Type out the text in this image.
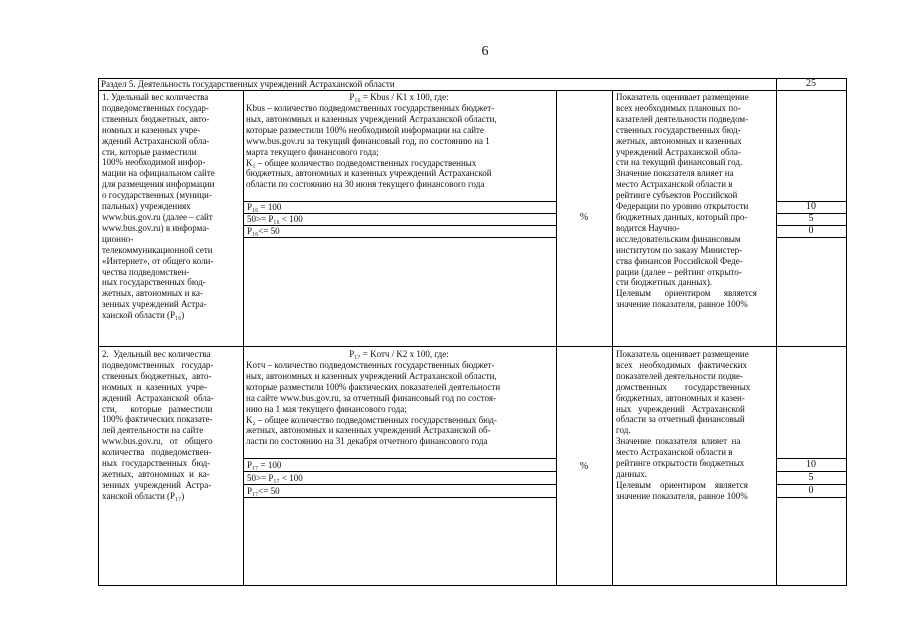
6
Раздел 5. Деятельность государственных учреждений Астраханской области	25
1. Удельный вес количества
подведомственных государ-
ственных бюджетных, авто-
номных и казенных учре-
ждений Астраханской обла-
сти, которые разместили
100% необходимой инфор-
мации на официальном сайте
для размещения информации
о государственных (муници-
пальных) учреждениях
www.bus.gov.ru (далее – сайт
www.bus.gov.ru) в информа-
ционно-
телекоммуникационной сети
«Интернет», от общего коли-
чества подведомствен-
ных государственных бюд-
жетных, автономных и ка-
зенных учреждений Астра-
ханской области (P₁₆)
P₁₆ = Kbus / K1 x 100, где:
Kbus – количество подведомственных государственных бюджет-
ных, автономных и казенных учреждений Астраханской области,
которые разместили 100% необходимой информации на сайте
www.bus.gov.ru за текущий финансовый год, по состоянию на 1
марта текущего финансового года;
K₁ – общее количество подведомственных государственных
бюджетных, автономных и казенных учреждений Астраханской
области по состоянию на 30 июня текущего финансового года
P₁₆ = 100
50>= P₁₆ < 100
P₁₆<= 50
%
Показатель оценивает размещение
всех необходимых плановых по-
казателей деятельности подведом-
ственных государственных бюд-
жетных, автономных и казенных
учреждений Астраханской обла-
сти на текущий финансовый год.
Значение показателя влияет на
место Астраханской области в
рейтинге субъектов Российской
Федерации по уровню открытости
бюджетных данных, который про-
водится Научно-
исследовательским финансовым
институтом по заказу Министер-
ства финансов Российской Феде-
рации (далее – рейтинг открыто-
сти бюджетных данных).
Целевым      ориентиром      является
значение показателя, равное 100%
10
5
0
2.  Удельный вес количества
подведомственных   государ-
ственных бюджетных,  авто-
номных  и  казенных  учре-
ждений  Астраханской  обла-
сти,      которые   разместили
100% фактических показате-
лей деятельности на сайте
www.bus.gov.ru,   от   общего
количества   подведомствен-
ных  государственных  бюд-
жетных,  автономных  и  ка-
зенных  учреждений  Астра-
ханской области (P₁₇)
P₁₇ = Kотч / K2 x 100, где:
Kотч – количество подведомственных государственных бюджет-
ных, автономных и казенных учреждений Астраханской области,
которые разместили 100% фактических показателей деятельности
на сайте www.bus.gov.ru, за отчетный финансовый год по состоя-
нию на 1 мая текущего финансового года;
K₂ – общее количество подведомственных государственных бюд-
жетных, автономных и казенных учреждений Астраханской об-
ласти по состоянию на 31 декабря отчетного финансового года
P₁₇ = 100
50>= P₁₇ < 100
P₁₇<= 50
%
Показатель оценивает размещение
всех   необходимых   фактических
показателей деятельности подве-
домственных        государственных
бюджетных, автономных и казен-
ных   учреждений   Астраханской
области за отчетный финансовый
год.
Значение  показателя  влияет  на
место Астраханской области в
рейтинге открытости бюджетных
данных.
Целевым    ориентиром    является
значение показателя, равное 100%
10
5
0
